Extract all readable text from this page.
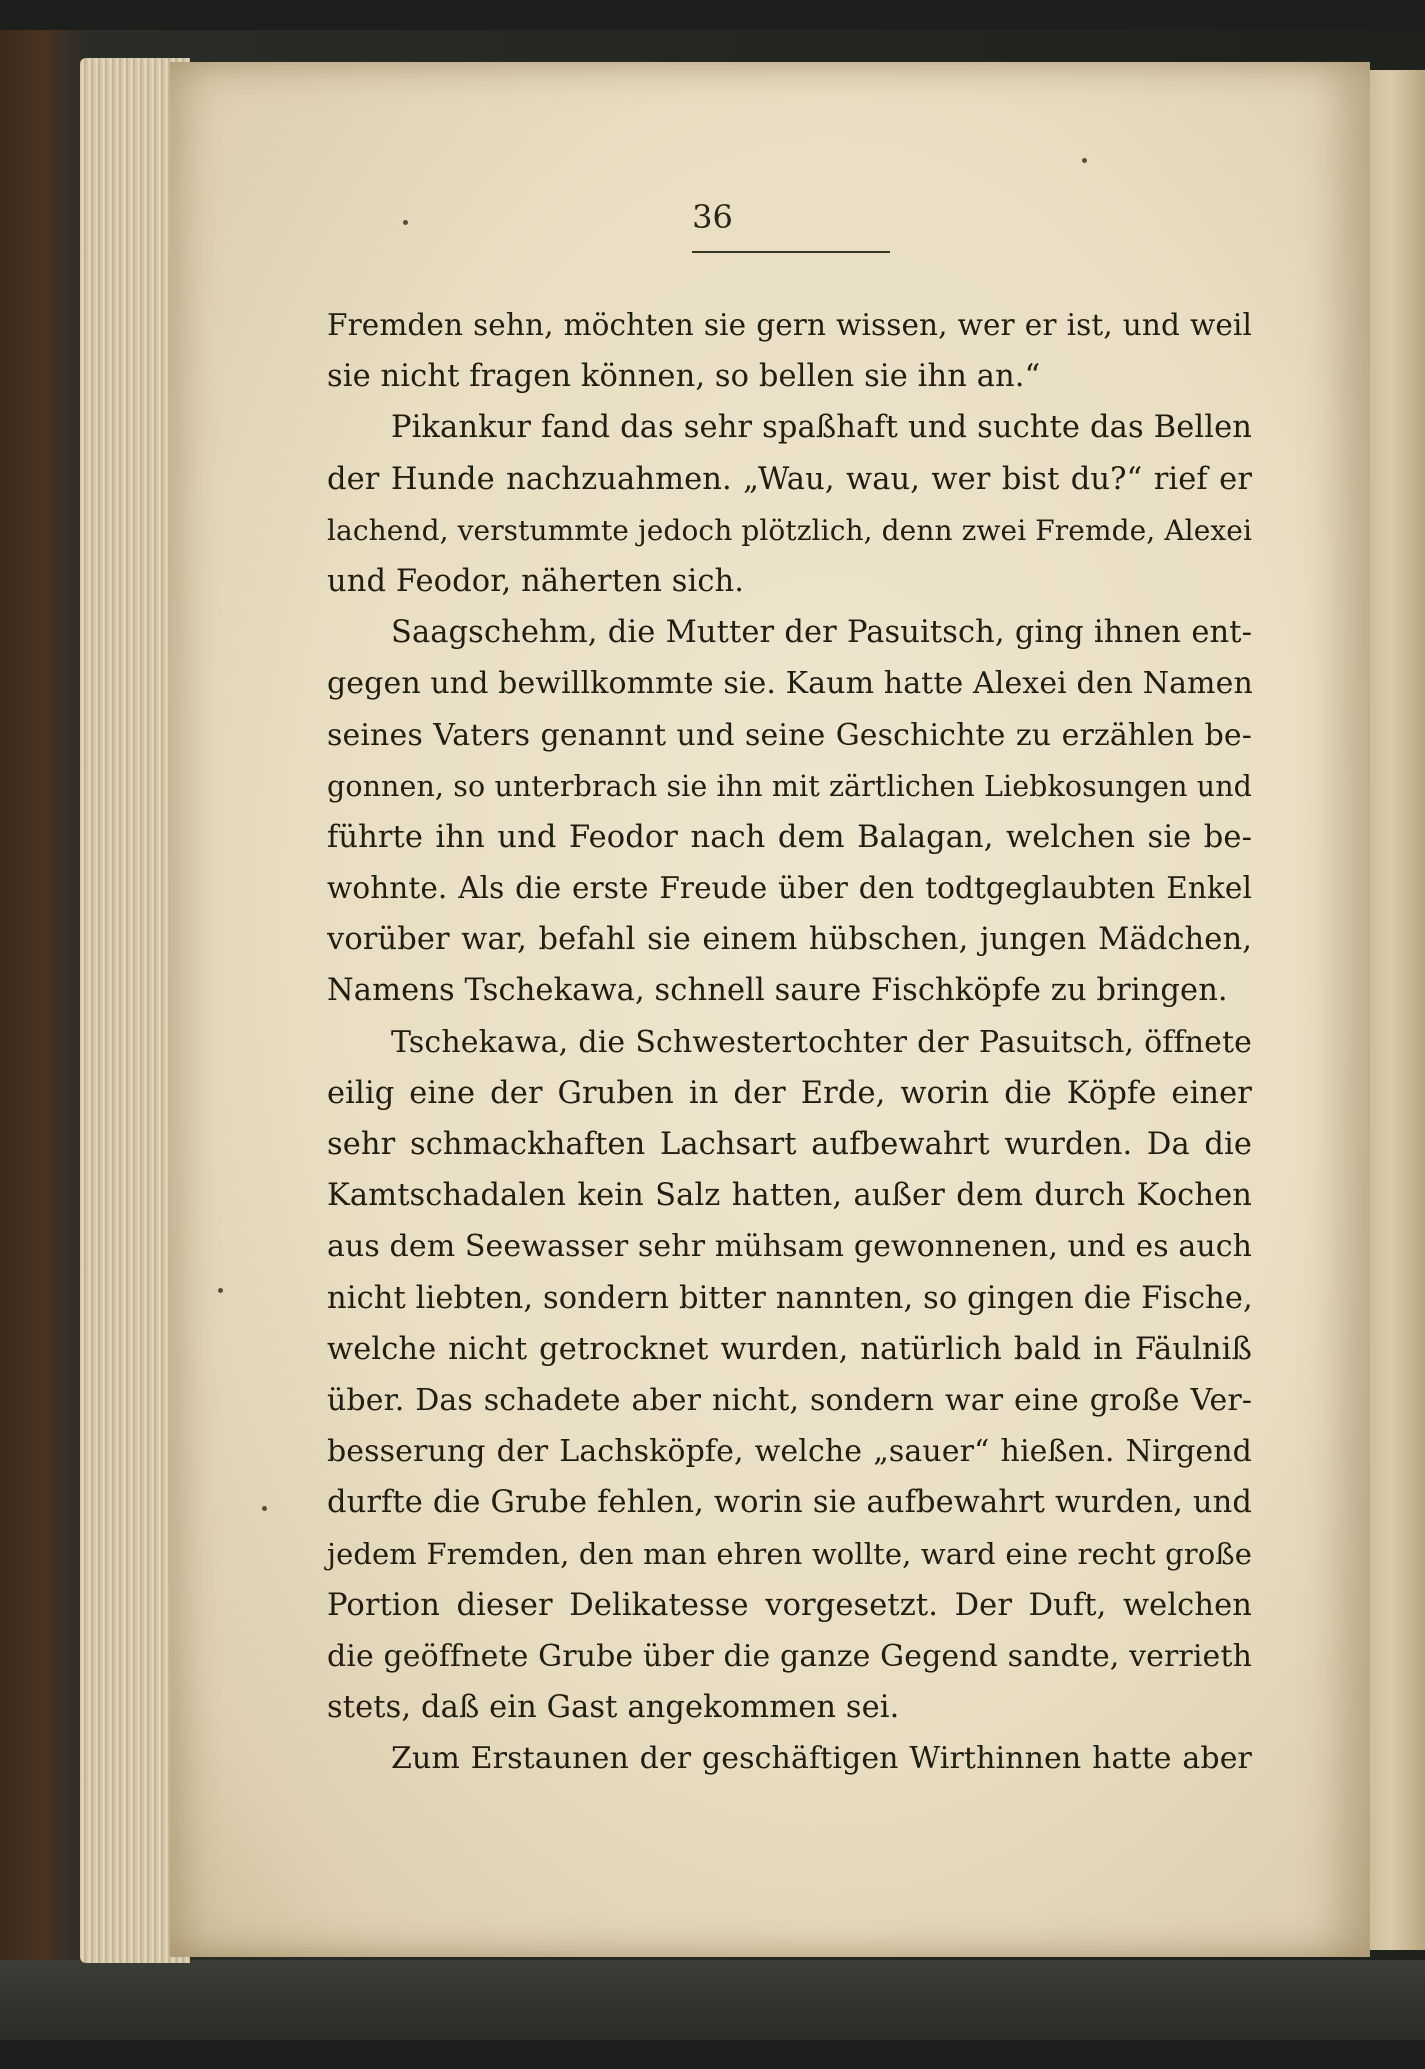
36
Fremden sehn, möchten sie gern wissen, wer er ist, und weil
sie nicht fragen können, so bellen sie ihn an.“
Pikankur fand das sehr spaßhaft und suchte das Bellen
der Hunde nachzuahmen. „Wau, wau, wer bist du?“ rief er
lachend, verstummte jedoch plötzlich, denn zwei Fremde, Alexei
und Feodor, näherten sich.
Saagschehm, die Mutter der Pasuitsch, ging ihnen ent-
gegen und bewillkommte sie. Kaum hatte Alexei den Namen
seines Vaters genannt und seine Geschichte zu erzählen be-
gonnen, so unterbrach sie ihn mit zärtlichen Liebkosungen und
führte ihn und Feodor nach dem Balagan, welchen sie be-
wohnte. Als die erste Freude über den todtgeglaubten Enkel
vorüber war, befahl sie einem hübschen, jungen Mädchen,
Namens Tschekawa, schnell saure Fischköpfe zu bringen.
Tschekawa, die Schwestertochter der Pasuitsch, öffnete
eilig eine der Gruben in der Erde, worin die Köpfe einer
sehr schmackhaften Lachsart aufbewahrt wurden. Da die
Kamtschadalen kein Salz hatten, außer dem durch Kochen
aus dem Seewasser sehr mühsam gewonnenen, und es auch
nicht liebten, sondern bitter nannten, so gingen die Fische,
welche nicht getrocknet wurden, natürlich bald in Fäulniß
über. Das schadete aber nicht, sondern war eine große Ver-
besserung der Lachsköpfe, welche „sauer“ hießen. Nirgend
durfte die Grube fehlen, worin sie aufbewahrt wurden, und
jedem Fremden, den man ehren wollte, ward eine recht große
Portion dieser Delikatesse vorgesetzt. Der Duft, welchen
die geöffnete Grube über die ganze Gegend sandte, verrieth
stets, daß ein Gast angekommen sei.
Zum Erstaunen der geschäftigen Wirthinnen hatte aber
